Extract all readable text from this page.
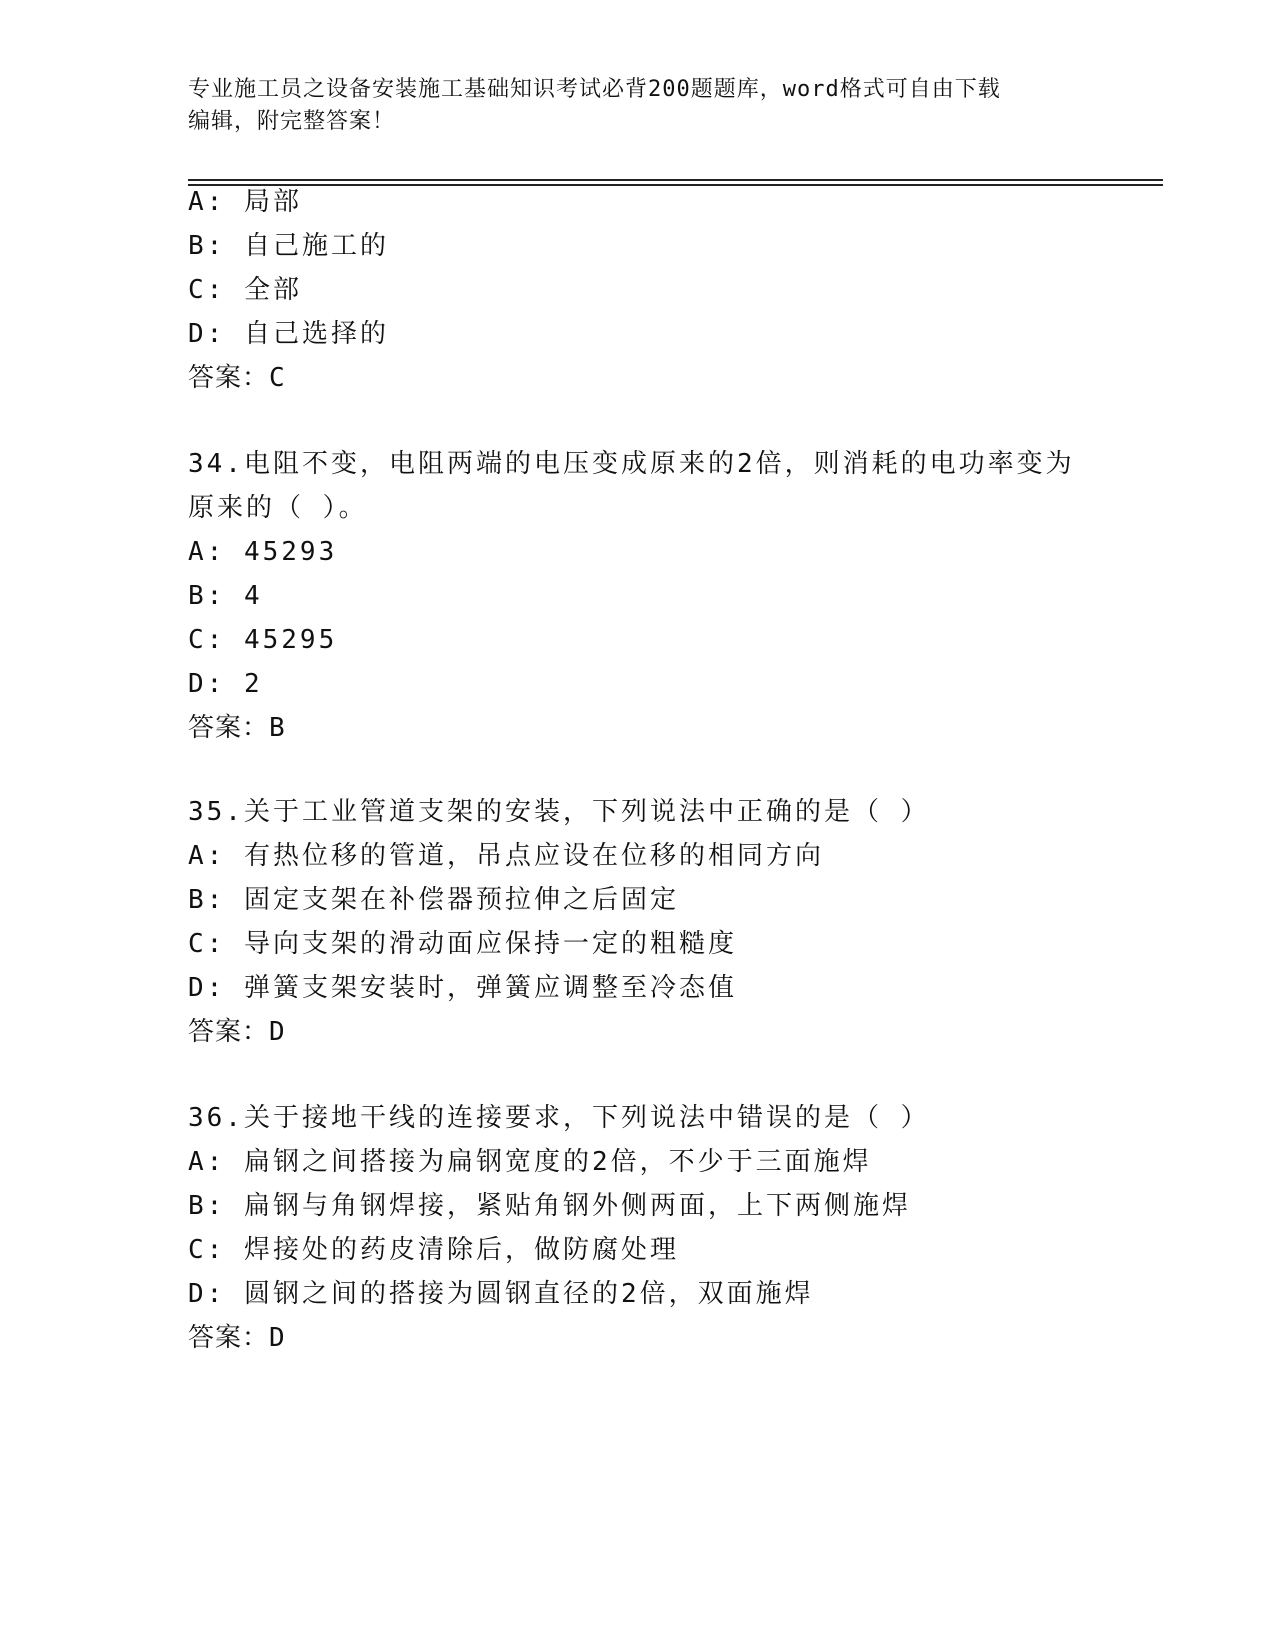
专业施工员之设备安装施工基础知识考试必背200题题库，word格式可自由下载
编辑，附完整答案！
A: 局部
B: 自己施工的
C: 全部
D: 自己选择的
答案：C
34.电阻不变，电阻两端的电压变成原来的2倍，则消耗的电功率变为
原来的（ ）。
A: 45293
B: 4
C: 45295
D: 2
答案：B
35.关于工业管道支架的安装，下列说法中正确的是（ ）
A: 有热位移的管道，吊点应设在位移的相同方向
B: 固定支架在补偿器预拉伸之后固定
C: 导向支架的滑动面应保持一定的粗糙度
D: 弹簧支架安装时，弹簧应调整至冷态值
答案：D
36.关于接地干线的连接要求，下列说法中错误的是（ ）
A: 扁钢之间搭接为扁钢宽度的2倍，不少于三面施焊
B: 扁钢与角钢焊接，紧贴角钢外侧两面，上下两侧施焊
C: 焊接处的药皮清除后，做防腐处理
D: 圆钢之间的搭接为圆钢直径的2倍，双面施焊
答案：D
